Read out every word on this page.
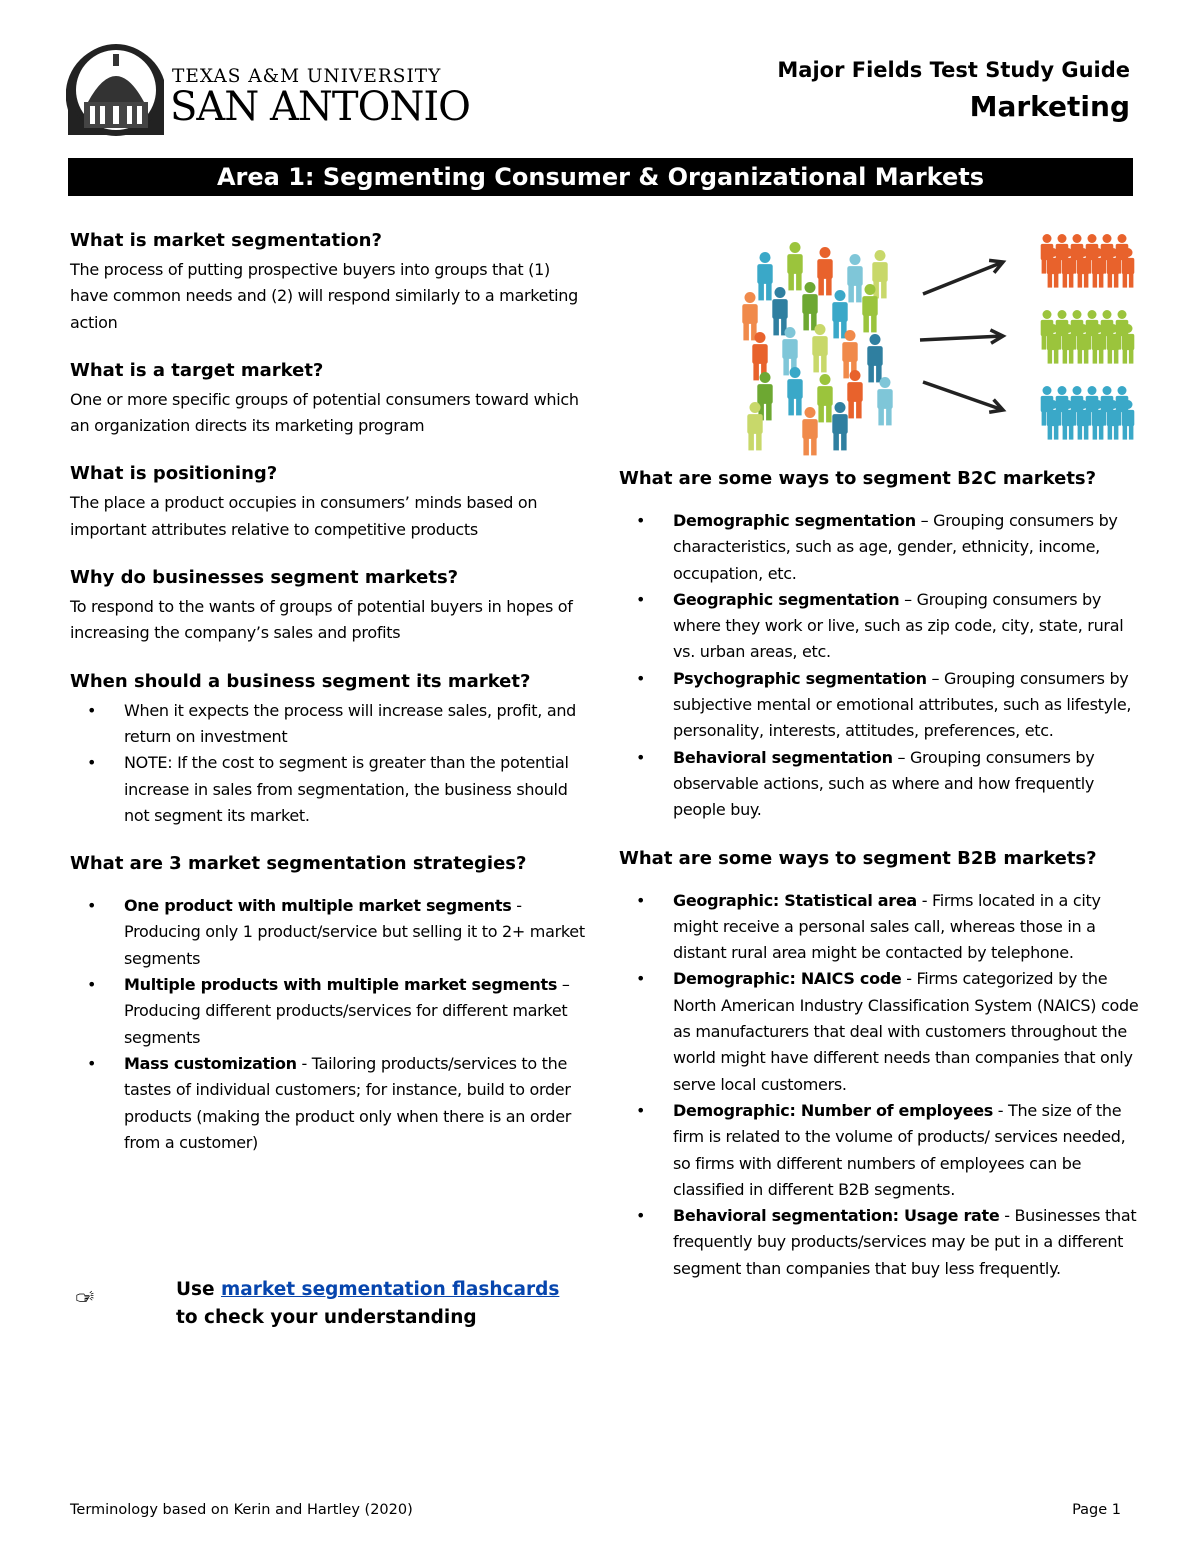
TEXAS A&M UNIVERSITY
SAN ANTONIO
Major Fields Test Study Guide
Marketing
Area 1: Segmenting Consumer & Organizational Markets
What is market segmentation?

The process of putting prospective buyers into groups that (1) have common needs and (2) will respond similarly to a marketing action

What is a target market?

One or more specific groups of potential consumers toward which an organization directs its marketing program

What is positioning?

The place a product occupies in consumers’ minds based on important attributes relative to competitive products

Why do businesses segment markets?

To respond to the wants of groups of potential buyers in hopes of increasing the company’s sales and profits

When should a business segment its market?
• When it expects the process will increase sales, profit, and return on investment
• NOTE: If the cost to segment is greater than the potential increase in sales from segmentation, the business should not segment its market.
What are 3 market segmentation strategies?
• One product with multiple market segments - Producing only 1 product/service but selling it to 2+ market segments
• Multiple products with multiple market segments – Producing different products/services for different market segments
• Mass customization - Tailoring products/services to the tastes of individual customers; for instance, build to order products (making the product only when there is an order from a customer)
Use market segmentation flashcards
to check your understanding
What are some ways to segment B2C markets?
• Demographic segmentation – Grouping consumers by characteristics, such as age, gender, ethnicity, income, occupation, etc.
• Geographic segmentation – Grouping consumers by where they work or live, such as zip code, city, state, rural vs. urban areas, etc.
• Psychographic segmentation – Grouping consumers by subjective mental or emotional attributes, such as lifestyle, personality, interests, attitudes, preferences, etc.
• Behavioral segmentation – Grouping consumers by observable actions, such as where and how frequently people buy.
What are some ways to segment B2B markets?
• Geographic: Statistical area - Firms located in a city might receive a personal sales call, whereas those in a distant rural area might be contacted by telephone.
• Demographic: NAICS code - Firms categorized by the North American Industry Classification System (NAICS) code as manufacturers that deal with customers throughout the world might have different needs than companies that only serve local customers.
• Demographic: Number of employees - The size of the firm is related to the volume of products/ services needed, so firms with different numbers of employees can be classified in different B2B segments.
• Behavioral segmentation: Usage rate - Businesses that frequently buy products/services may be put in a different segment than companies that buy less frequently.
Terminology based on Kerin and Hartley (2020)	Page 1
